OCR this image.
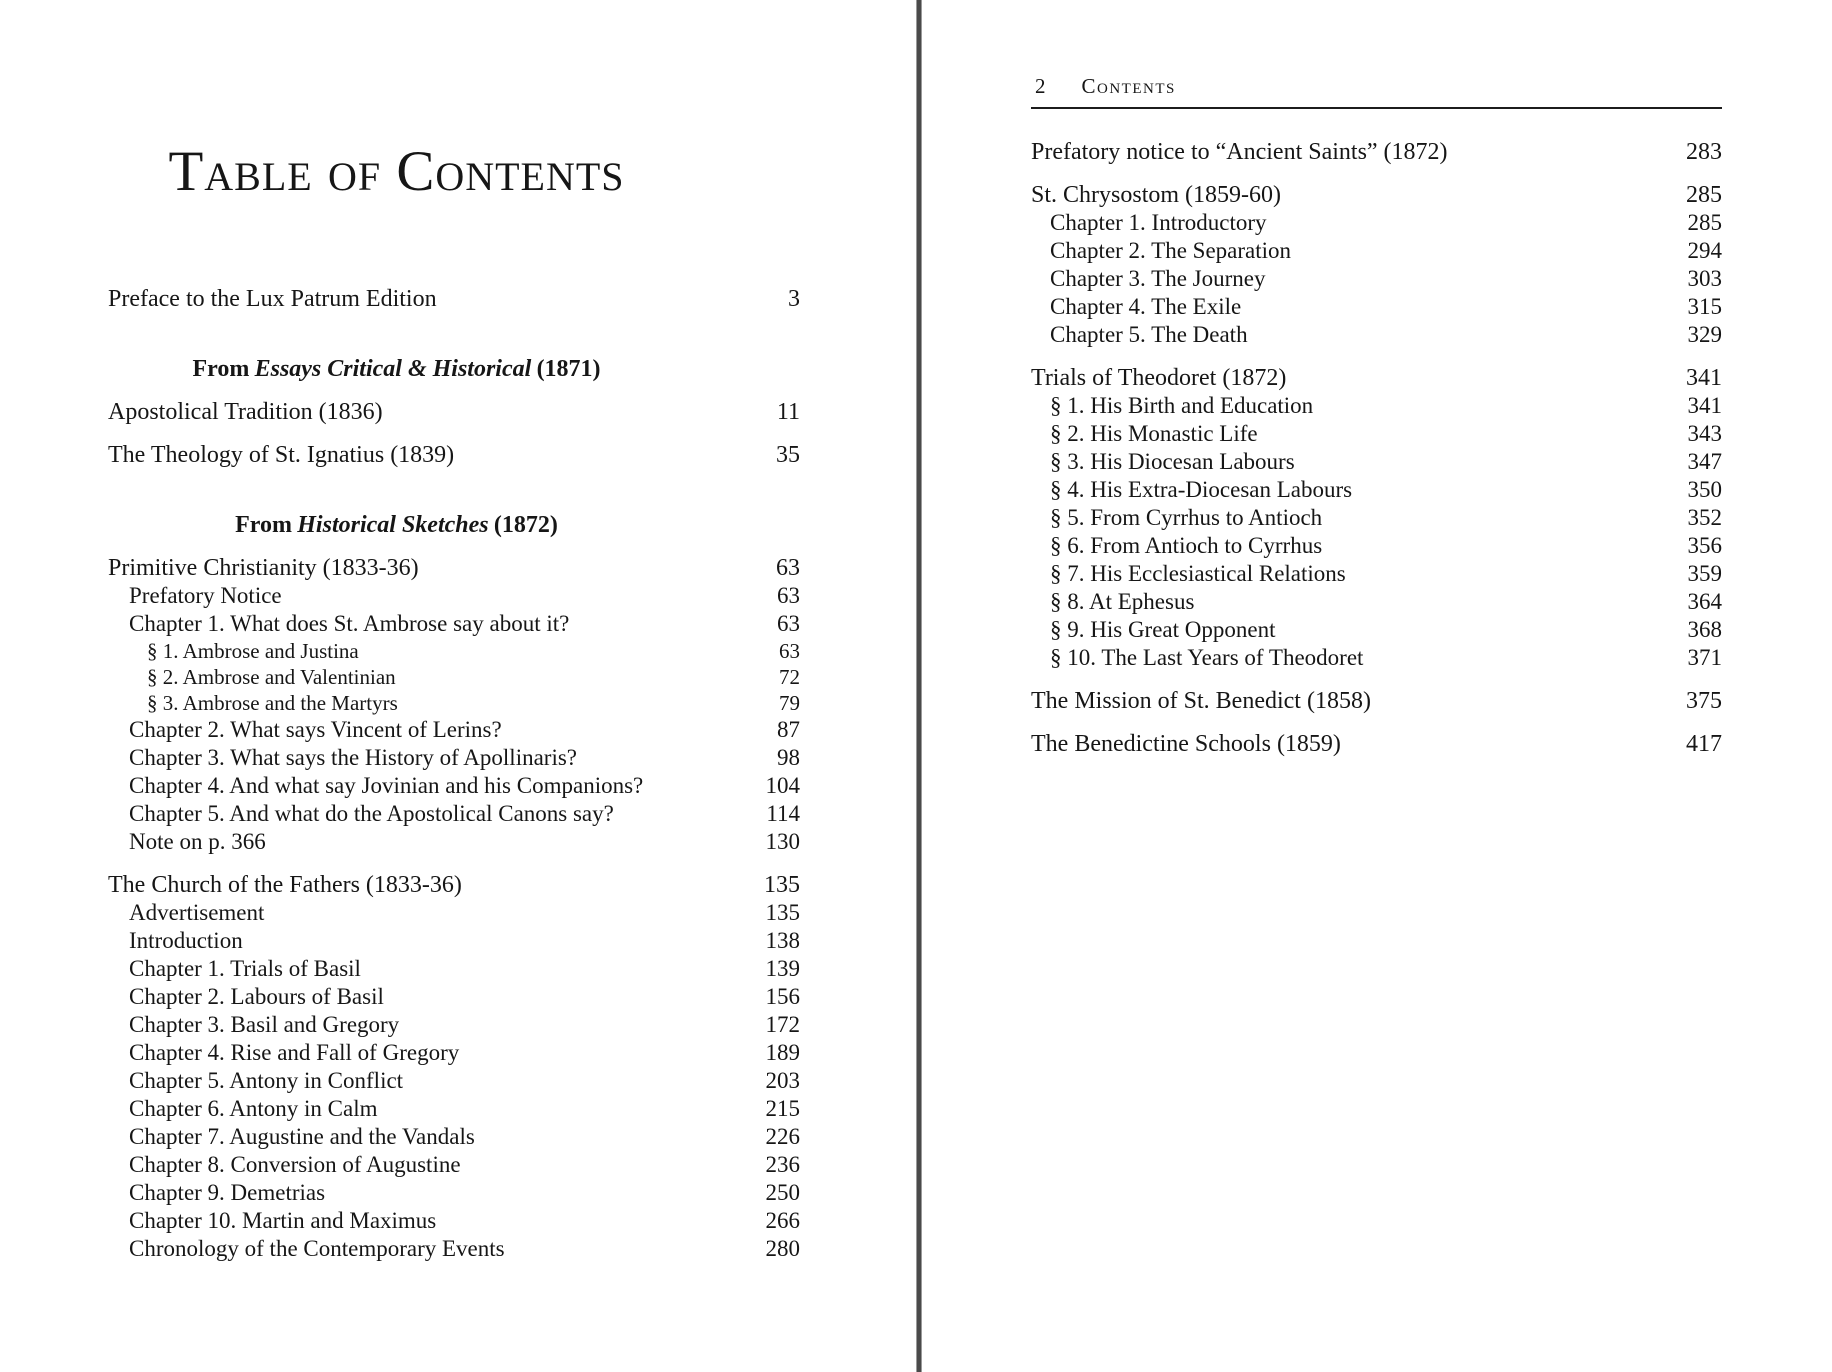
Table of Contents
Preface to the Lux Patrum Edition	3
From Essays Critical & Historical (1871)
Apostolical Tradition (1836)	11
The Theology of St. Ignatius (1839)	35
From Historical Sketches (1872)
Primitive Christianity (1833-36)	63
Prefatory Notice	63
Chapter 1. What does St. Ambrose say about it?	63
§ 1. Ambrose and Justina	63
§ 2. Ambrose and Valentinian	72
§ 3. Ambrose and the Martyrs	79
Chapter 2. What says Vincent of Lerins?	87
Chapter 3. What says the History of Apollinaris?	98
Chapter 4. And what say Jovinian and his Companions?	104
Chapter 5. And what do the Apostolical Canons say?	114
Note on p. 366	130
The Church of the Fathers (1833-36)	135
Advertisement	135
Introduction	138
Chapter 1. Trials of Basil	139
Chapter 2. Labours of Basil	156
Chapter 3. Basil and Gregory	172
Chapter 4. Rise and Fall of Gregory	189
Chapter 5. Antony in Conflict	203
Chapter 6. Antony in Calm	215
Chapter 7. Augustine and the Vandals	226
Chapter 8. Conversion of Augustine	236
Chapter 9. Demetrias	250
Chapter 10. Martin and Maximus	266
Chronology of the Contemporary Events	280
2 Contents
Prefatory notice to “Ancient Saints” (1872)	283
St. Chrysostom (1859-60)	285
Chapter 1. Introductory	285
Chapter 2. The Separation	294
Chapter 3. The Journey	303
Chapter 4. The Exile	315
Chapter 5. The Death	329
Trials of Theodoret (1872)	341
§ 1. His Birth and Education	341
§ 2. His Monastic Life	343
§ 3. His Diocesan Labours	347
§ 4. His Extra-Diocesan Labours	350
§ 5. From Cyrrhus to Antioch	352
§ 6. From Antioch to Cyrrhus	356
§ 7. His Ecclesiastical Relations	359
§ 8. At Ephesus	364
§ 9. His Great Opponent	368
§ 10. The Last Years of Theodoret	371
The Mission of St. Benedict (1858)	375
The Benedictine Schools (1859)	417
